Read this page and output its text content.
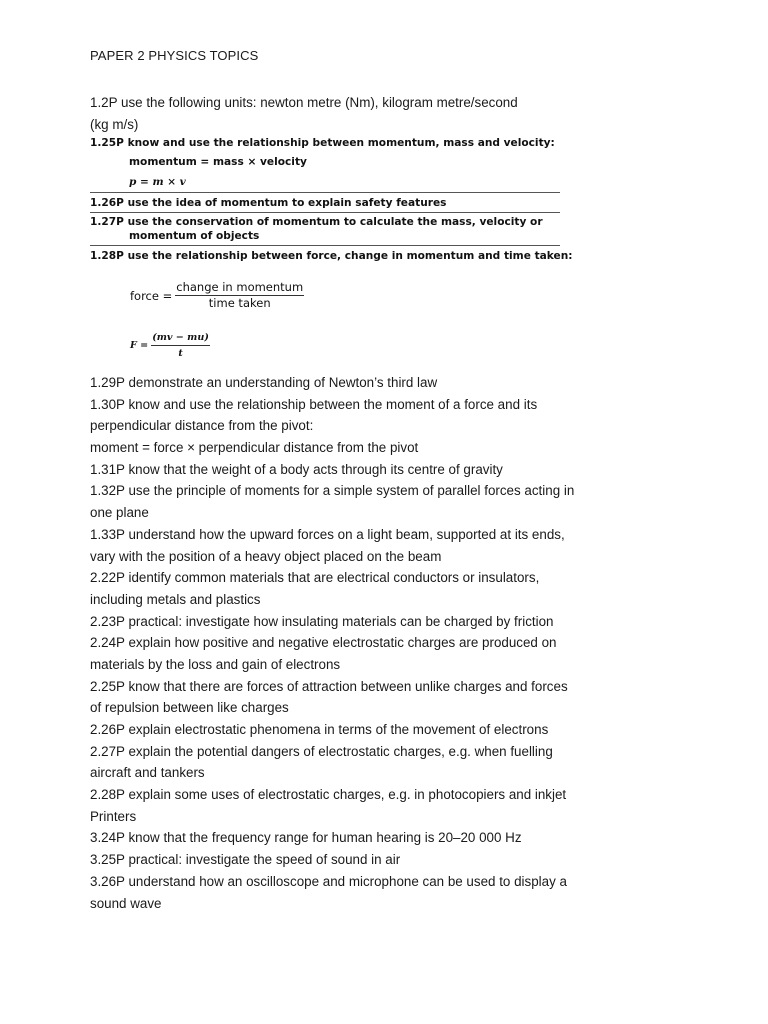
PAPER 2 PHYSICS TOPICS
1.2P use the following units: newton metre (Nm), kilogram metre/second
(kg m/s)
1.25P know and use the relationship between momentum, mass and velocity:
momentum = mass × velocity
p = m × v
1.26P use the idea of momentum to explain safety features
1.27P use the conservation of momentum to calculate the mass, velocity or
momentum of objects
1.28P use the relationship between force, change in momentum and time taken:
force = $\frac{\text{change in momentum}}{\text{time taken}}$
$F = \frac{(mv - mu)}{t}$
1.29P demonstrate an understanding of Newton’s third law
1.30P know and use the relationship between the moment of a force and its
perpendicular distance from the pivot:
moment = force × perpendicular distance from the pivot
1.31P know that the weight of a body acts through its centre of gravity
1.32P use the principle of moments for a simple system of parallel forces acting in
one plane
1.33P understand how the upward forces on a light beam, supported at its ends,
vary with the position of a heavy object placed on the beam
2.22P identify common materials that are electrical conductors or insulators,
including metals and plastics
2.23P practical: investigate how insulating materials can be charged by friction
2.24P explain how positive and negative electrostatic charges are produced on
materials by the loss and gain of electrons
2.25P know that there are forces of attraction between unlike charges and forces
of repulsion between like charges
2.26P explain electrostatic phenomena in terms of the movement of electrons
2.27P explain the potential dangers of electrostatic charges, e.g. when fuelling
aircraft and tankers
2.28P explain some uses of electrostatic charges, e.g. in photocopiers and inkjet
Printers
3.24P know that the frequency range for human hearing is 20–20 000 Hz
3.25P practical: investigate the speed of sound in air
3.26P understand how an oscilloscope and microphone can be used to display a
sound wave
